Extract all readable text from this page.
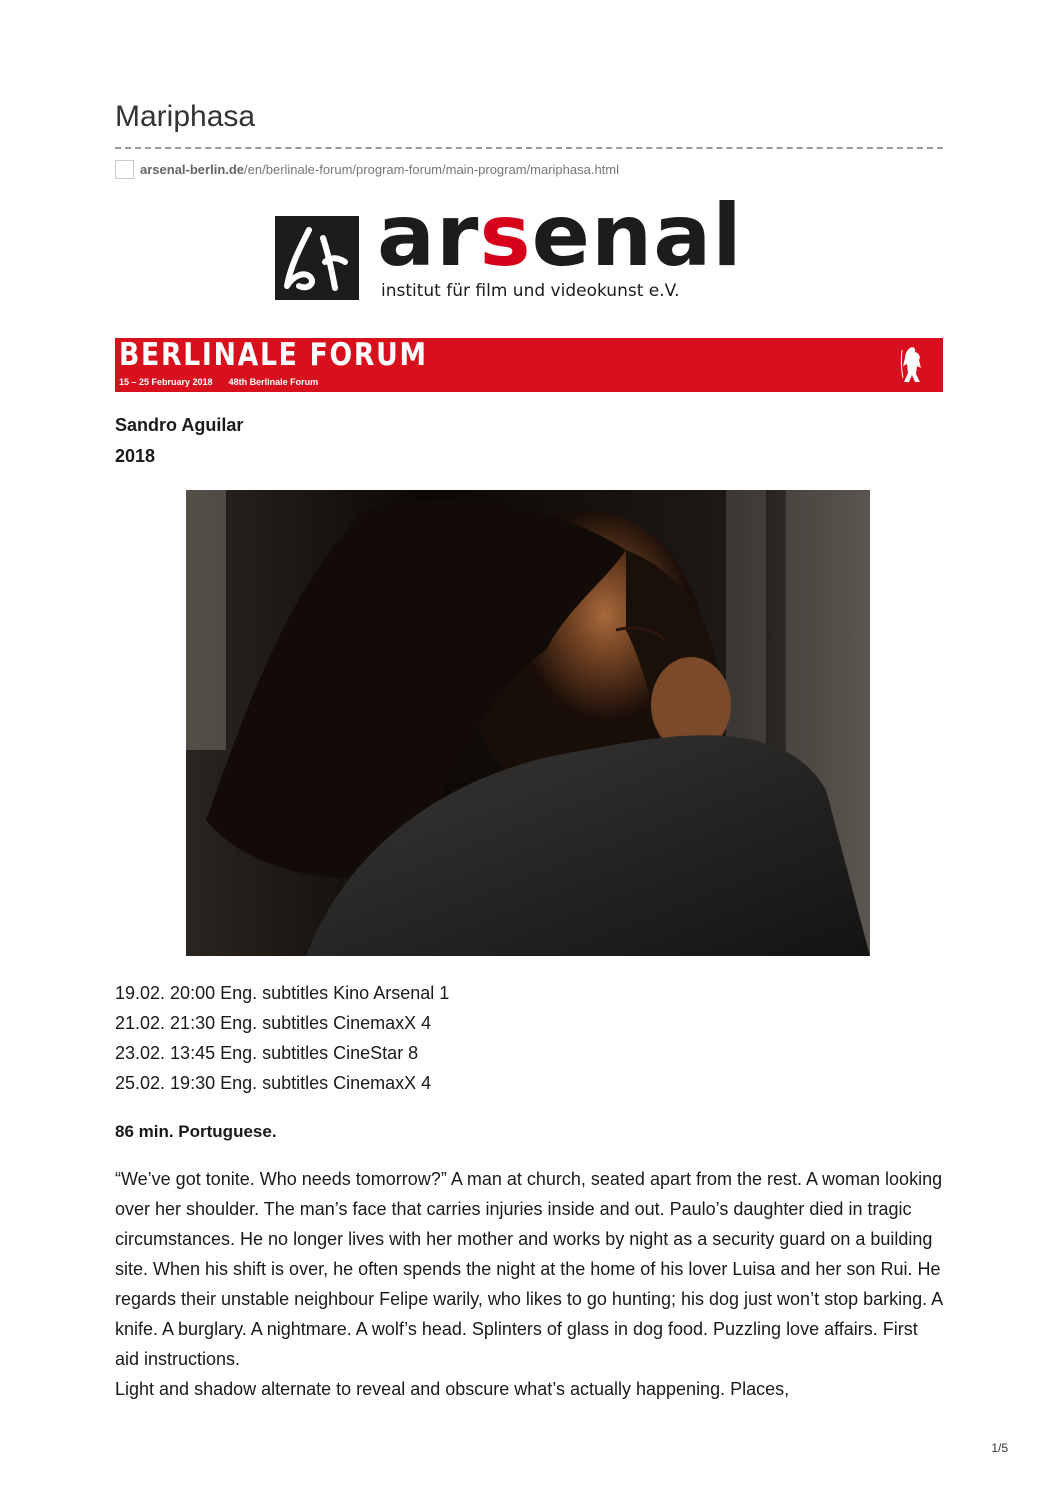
Mariphasa
arsenal-berlin.de /en/berlinale-forum/program-forum/main-program/mariphasa.html
arsenal
institut für film und videokunst e.V.
BERLINALE FORUM
15 – 25 February 2018 48th Berlinale Forum

Sandro Aguilar

2018

19.02. 20:00 Eng. subtitles Kino Arsenal 1
21.02. 21:30 Eng. subtitles CinemaxX 4
23.02. 13:45 Eng. subtitles CineStar 8
25.02. 19:30 Eng. subtitles CinemaxX 4

86 min. Portuguese.

“We’ve got tonite. Who needs tomorrow?” A man at church, seated apart from the rest. A woman looking over her shoulder. The man’s face that carries injuries inside and out. Paulo’s daughter died in tragic circumstances. He no longer lives with her mother and works by night as a security guard on a building site. When his shift is over, he often spends the night at the home of his lover Luisa and her son Rui. He regards their unstable neighbour Felipe warily, who likes to go hunting; his dog just won’t stop barking. A knife. A burglary. A nightmare. A wolf’s head. Splinters of glass in dog food. Puzzling love affairs. First aid instructions.

Light and shadow alternate to reveal and obscure what’s actually happening. Places,

1/5
